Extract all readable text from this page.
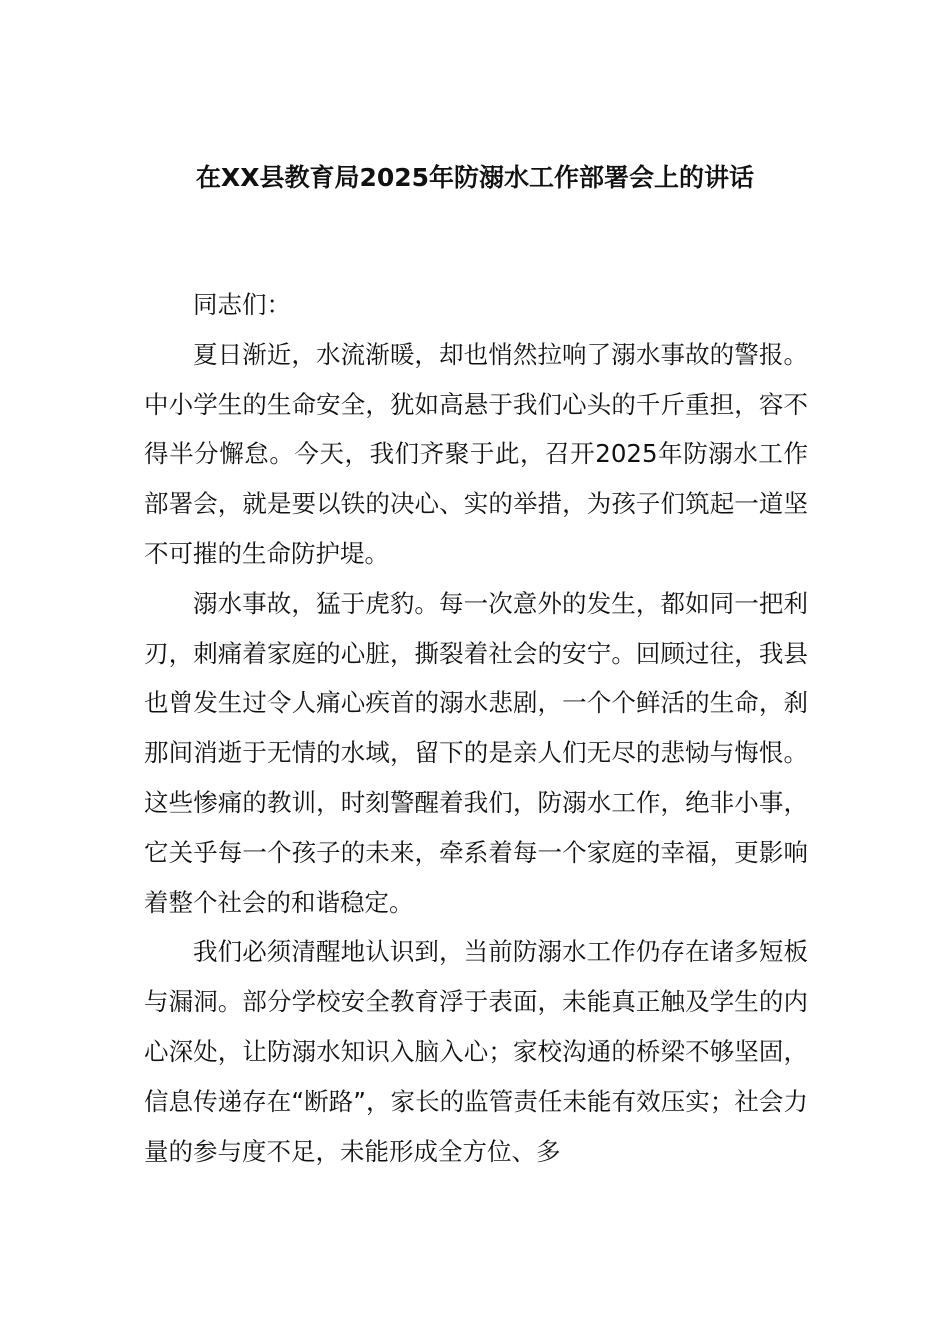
在XX县教育局2025年防溺水工作部署会上的讲话

同志们：

夏日渐近，水流渐暖，却也悄然拉响了溺水事故的警报。中小学生的生命安全，犹如高悬于我们心头的千斤重担，容不得半分懈怠。今天，我们齐聚于此，召开2025年防溺水工作部署会，就是要以铁的决心、实的举措，为孩子们筑起一道坚不可摧的生命防护堤。

溺水事故，猛于虎豹。每一次意外的发生，都如同一把利刃，刺痛着家庭的心脏，撕裂着社会的安宁。回顾过往，我县也曾发生过令人痛心疾首的溺水悲剧，一个个鲜活的生命，刹那间消逝于无情的水域，留下的是亲人们无尽的悲恸与悔恨。这些惨痛的教训，时刻警醒着我们，防溺水工作，绝非小事，它关乎每一个孩子的未来，牵系着每一个家庭的幸福，更影响着整个社会的和谐稳定。

我们必须清醒地认识到，当前防溺水工作仍存在诸多短板与漏洞。部分学校安全教育浮于表面，未能真正触及学生的内心深处，让防溺水知识入脑入心；家校沟通的桥梁不够坚固，信息传递存在“断路”，家长的监管责任未能有效压实；社会力量的参与度不足，未能形成全方位、多
